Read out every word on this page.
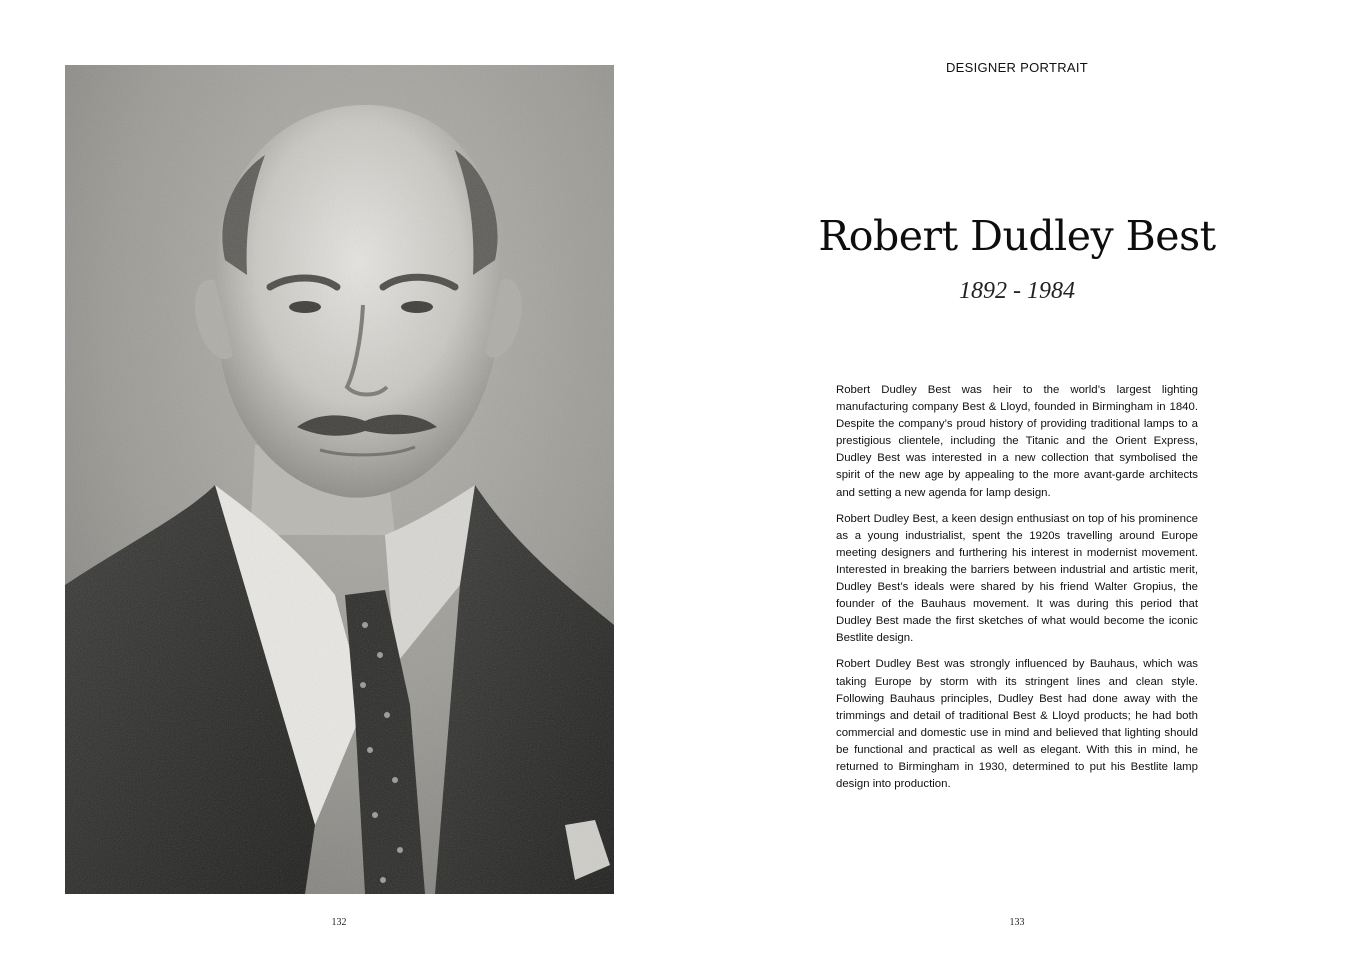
132
DESIGNER PORTRAIT
Robert Dudley Best
1892 - 1984

Robert Dudley Best was heir to the world’s largest lighting manufacturing company Best & Lloyd, founded in Birmingham in 1840. Despite the company’s proud history of providing traditional lamps to a prestigious clientele, including the Titanic and the Orient Express, Dudley Best was interested in a new collection that symbolised the spirit of the new age by appealing to the more avant-garde architects and setting a new agenda for lamp design.

Robert Dudley Best, a keen design enthusiast on top of his prominence as a young industrialist, spent the 1920s travelling around Europe meeting designers and furthering his interest in modernist movement. Interested in breaking the barriers between industrial and artistic merit, Dudley Best’s ideals were shared by his friend Walter Gropius, the founder of the Bauhaus movement. It was during this period that Dudley Best made the first sketches of what would become the iconic Bestlite design.

Robert Dudley Best was strongly influenced by Bauhaus, which was taking Europe by storm with its stringent lines and clean style. Following Bauhaus principles, Dudley Best had done away with the trimmings and detail of traditional Best & Lloyd products; he had both commercial and domestic use in mind and believed that lighting should be functional and practical as well as elegant. With this in mind, he returned to Birmingham in 1930, determined to put his Bestlite lamp design into production.

133
